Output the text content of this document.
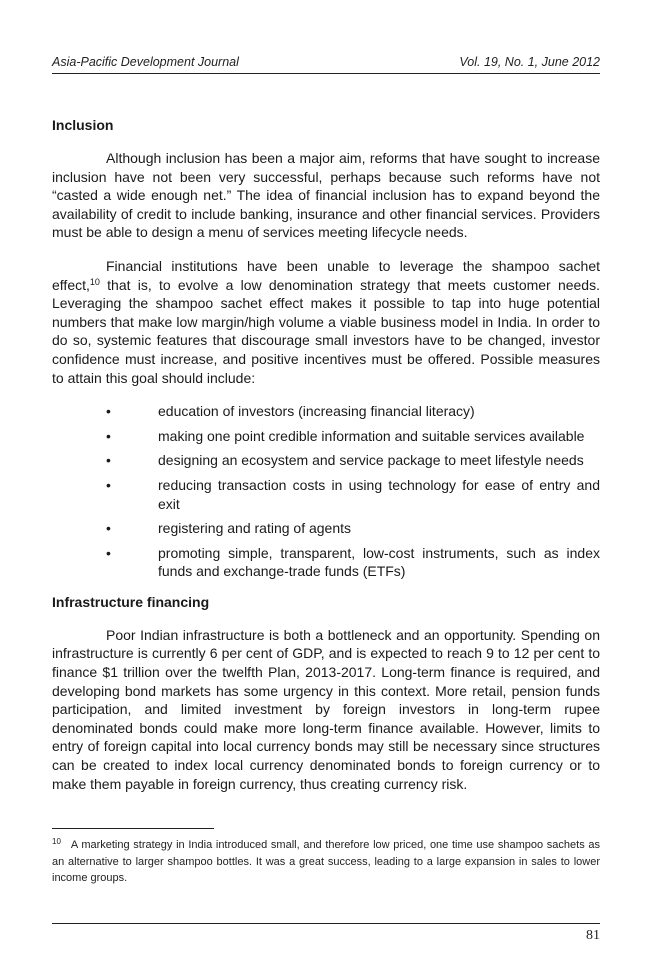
Asia-Pacific Development Journal	Vol. 19, No. 1, June 2012
Inclusion

Although inclusion has been a major aim, reforms that have sought to increase inclusion have not been very successful, perhaps because such reforms have not “casted a wide enough net.” The idea of financial inclusion has to expand beyond the availability of credit to include banking, insurance and other financial services. Providers must be able to design a menu of services meeting lifecycle needs.

Financial institutions have been unable to leverage the shampoo sachet effect,$^{10}$ that is, to evolve a low denomination strategy that meets customer needs. Leveraging the shampoo sachet effect makes it possible to tap into huge potential numbers that make low margin/high volume a viable business model in India. In order to do so, systemic features that discourage small investors have to be changed, investor confidence must increase, and positive incentives must be offered. Possible measures to attain this goal should include:

•	education of investors (increasing financial literacy)
•	making one point credible information and suitable services available
•	designing an ecosystem and service package to meet lifestyle needs
•	reducing transaction costs in using technology for ease of entry and exit
•	registering and rating of agents
•	promoting simple, transparent, low-cost instruments, such as index funds and exchange-trade funds (ETFs)
Infrastructure financing

Poor Indian infrastructure is both a bottleneck and an opportunity. Spending on infrastructure is currently 6 per cent of GDP, and is expected to reach 9 to 12 per cent to finance $1 trillion over the twelfth Plan, 2013-2017. Long-term finance is required, and developing bond markets has some urgency in this context. More retail, pension funds participation, and limited investment by foreign investors in long-term rupee denominated bonds could make more long-term finance available. However, limits to entry of foreign capital into local currency bonds may still be necessary since structures can be created to index local currency denominated bonds to foreign currency or to make them payable in foreign currency, thus creating currency risk.

$^{10}$ A marketing strategy in India introduced small, and therefore low priced, one time use shampoo sachets as an alternative to larger shampoo bottles. It was a great success, leading to a large expansion in sales to lower income groups.
81
